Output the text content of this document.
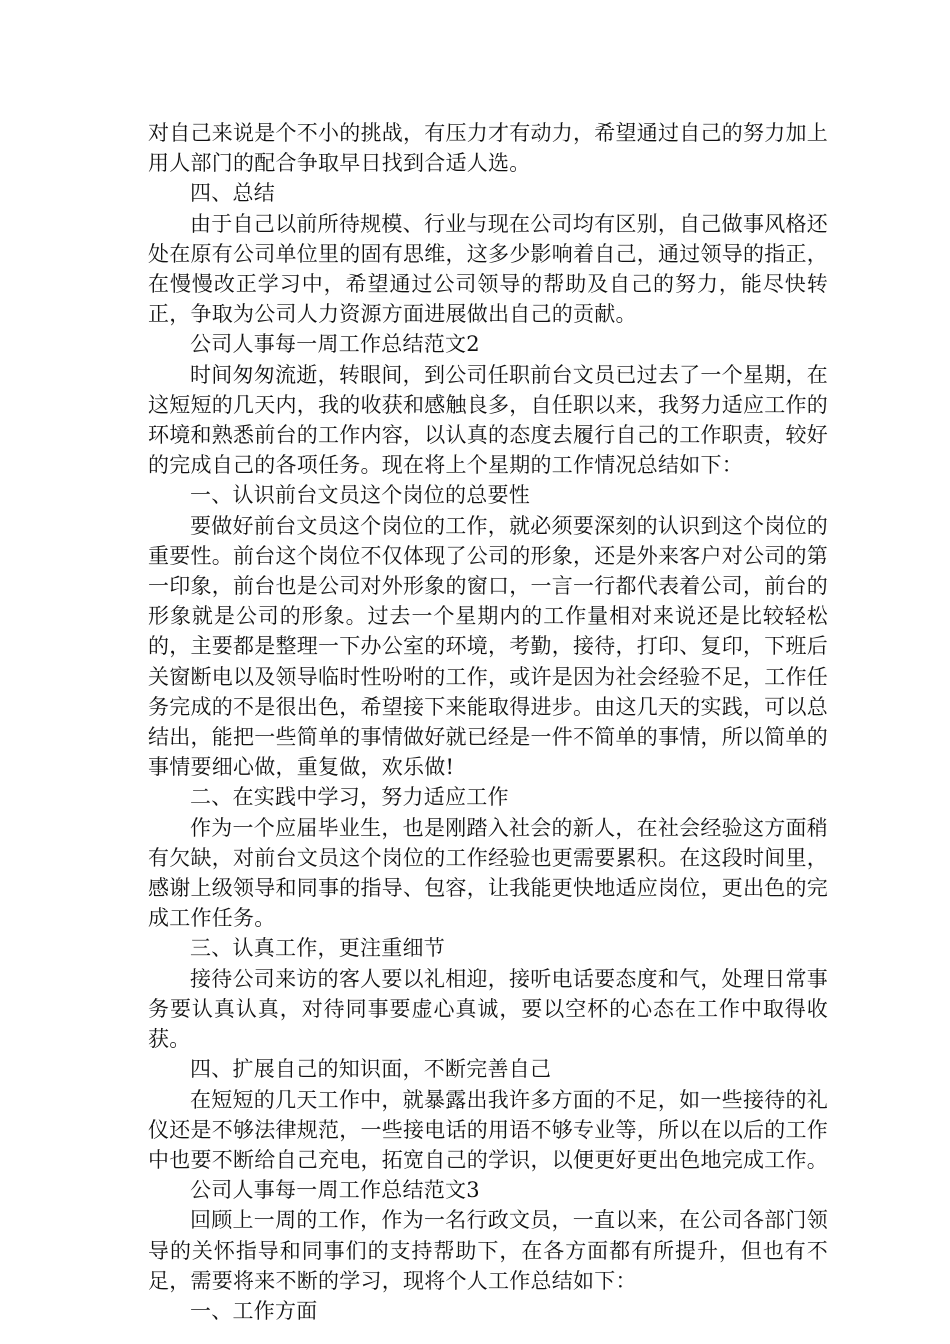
对自己来说是个不小的挑战，有压力才有动力，希望通过自己的努力加上用人部门的配合争取早日找到合适人选。

四、总结

由于自己以前所待规模、行业与现在公司均有区别，自己做事风格还处在原有公司单位里的固有思维，这多少影响着自己，通过领导的指正，在慢慢改正学习中，希望通过公司领导的帮助及自己的努力，能尽快转正，争取为公司人力资源方面进展做出自己的贡献。

公司人事每一周工作总结范文2

时间匆匆流逝，转眼间，到公司任职前台文员已过去了一个星期，在这短短的几天内，我的收获和感触良多，自任职以来，我努力适应工作的环境和熟悉前台的工作内容，以认真的态度去履行自己的工作职责，较好的完成自己的各项任务。现在将上个星期的工作情况总结如下：

一、认识前台文员这个岗位的总要性

要做好前台文员这个岗位的工作，就必须要深刻的认识到这个岗位的重要性。前台这个岗位不仅体现了公司的形象，还是外来客户对公司的第一印象，前台也是公司对外形象的窗口，一言一行都代表着公司，前台的形象就是公司的形象。过去一个星期内的工作量相对来说还是比较轻松的，主要都是整理一下办公室的环境，考勤，接待，打印、复印，下班后关窗断电以及领导临时性吩咐的工作，或许是因为社会经验不足，工作任务完成的不是很出色，希望接下来能取得进步。由这几天的实践，可以总结出，能把一些简单的事情做好就已经是一件不简单的事情，所以简单的事情要细心做，重复做，欢乐做!

二、在实践中学习，努力适应工作

作为一个应届毕业生，也是刚踏入社会的新人，在社会经验这方面稍有欠缺，对前台文员这个岗位的工作经验也更需要累积。在这段时间里，感谢上级领导和同事的指导、包容，让我能更快地适应岗位，更出色的完成工作任务。

三、认真工作，更注重细节

接待公司来访的客人要以礼相迎，接听电话要态度和气，处理日常事务要认真认真，对待同事要虚心真诚，要以空杯的心态在工作中取得收获。

四、扩展自己的知识面，不断完善自己

在短短的几天工作中，就暴露出我许多方面的不足，如一些接待的礼仪还是不够法律规范，一些接电话的用语不够专业等，所以在以后的工作中也要不断给自己充电，拓宽自己的学识，以便更好更出色地完成工作。

公司人事每一周工作总结范文3

回顾上一周的工作，作为一名行政文员，一直以来，在公司各部门领导的关怀指导和同事们的支持帮助下，在各方面都有所提升，但也有不足，需要将来不断的学习，现将个人工作总结如下：

一、工作方面
